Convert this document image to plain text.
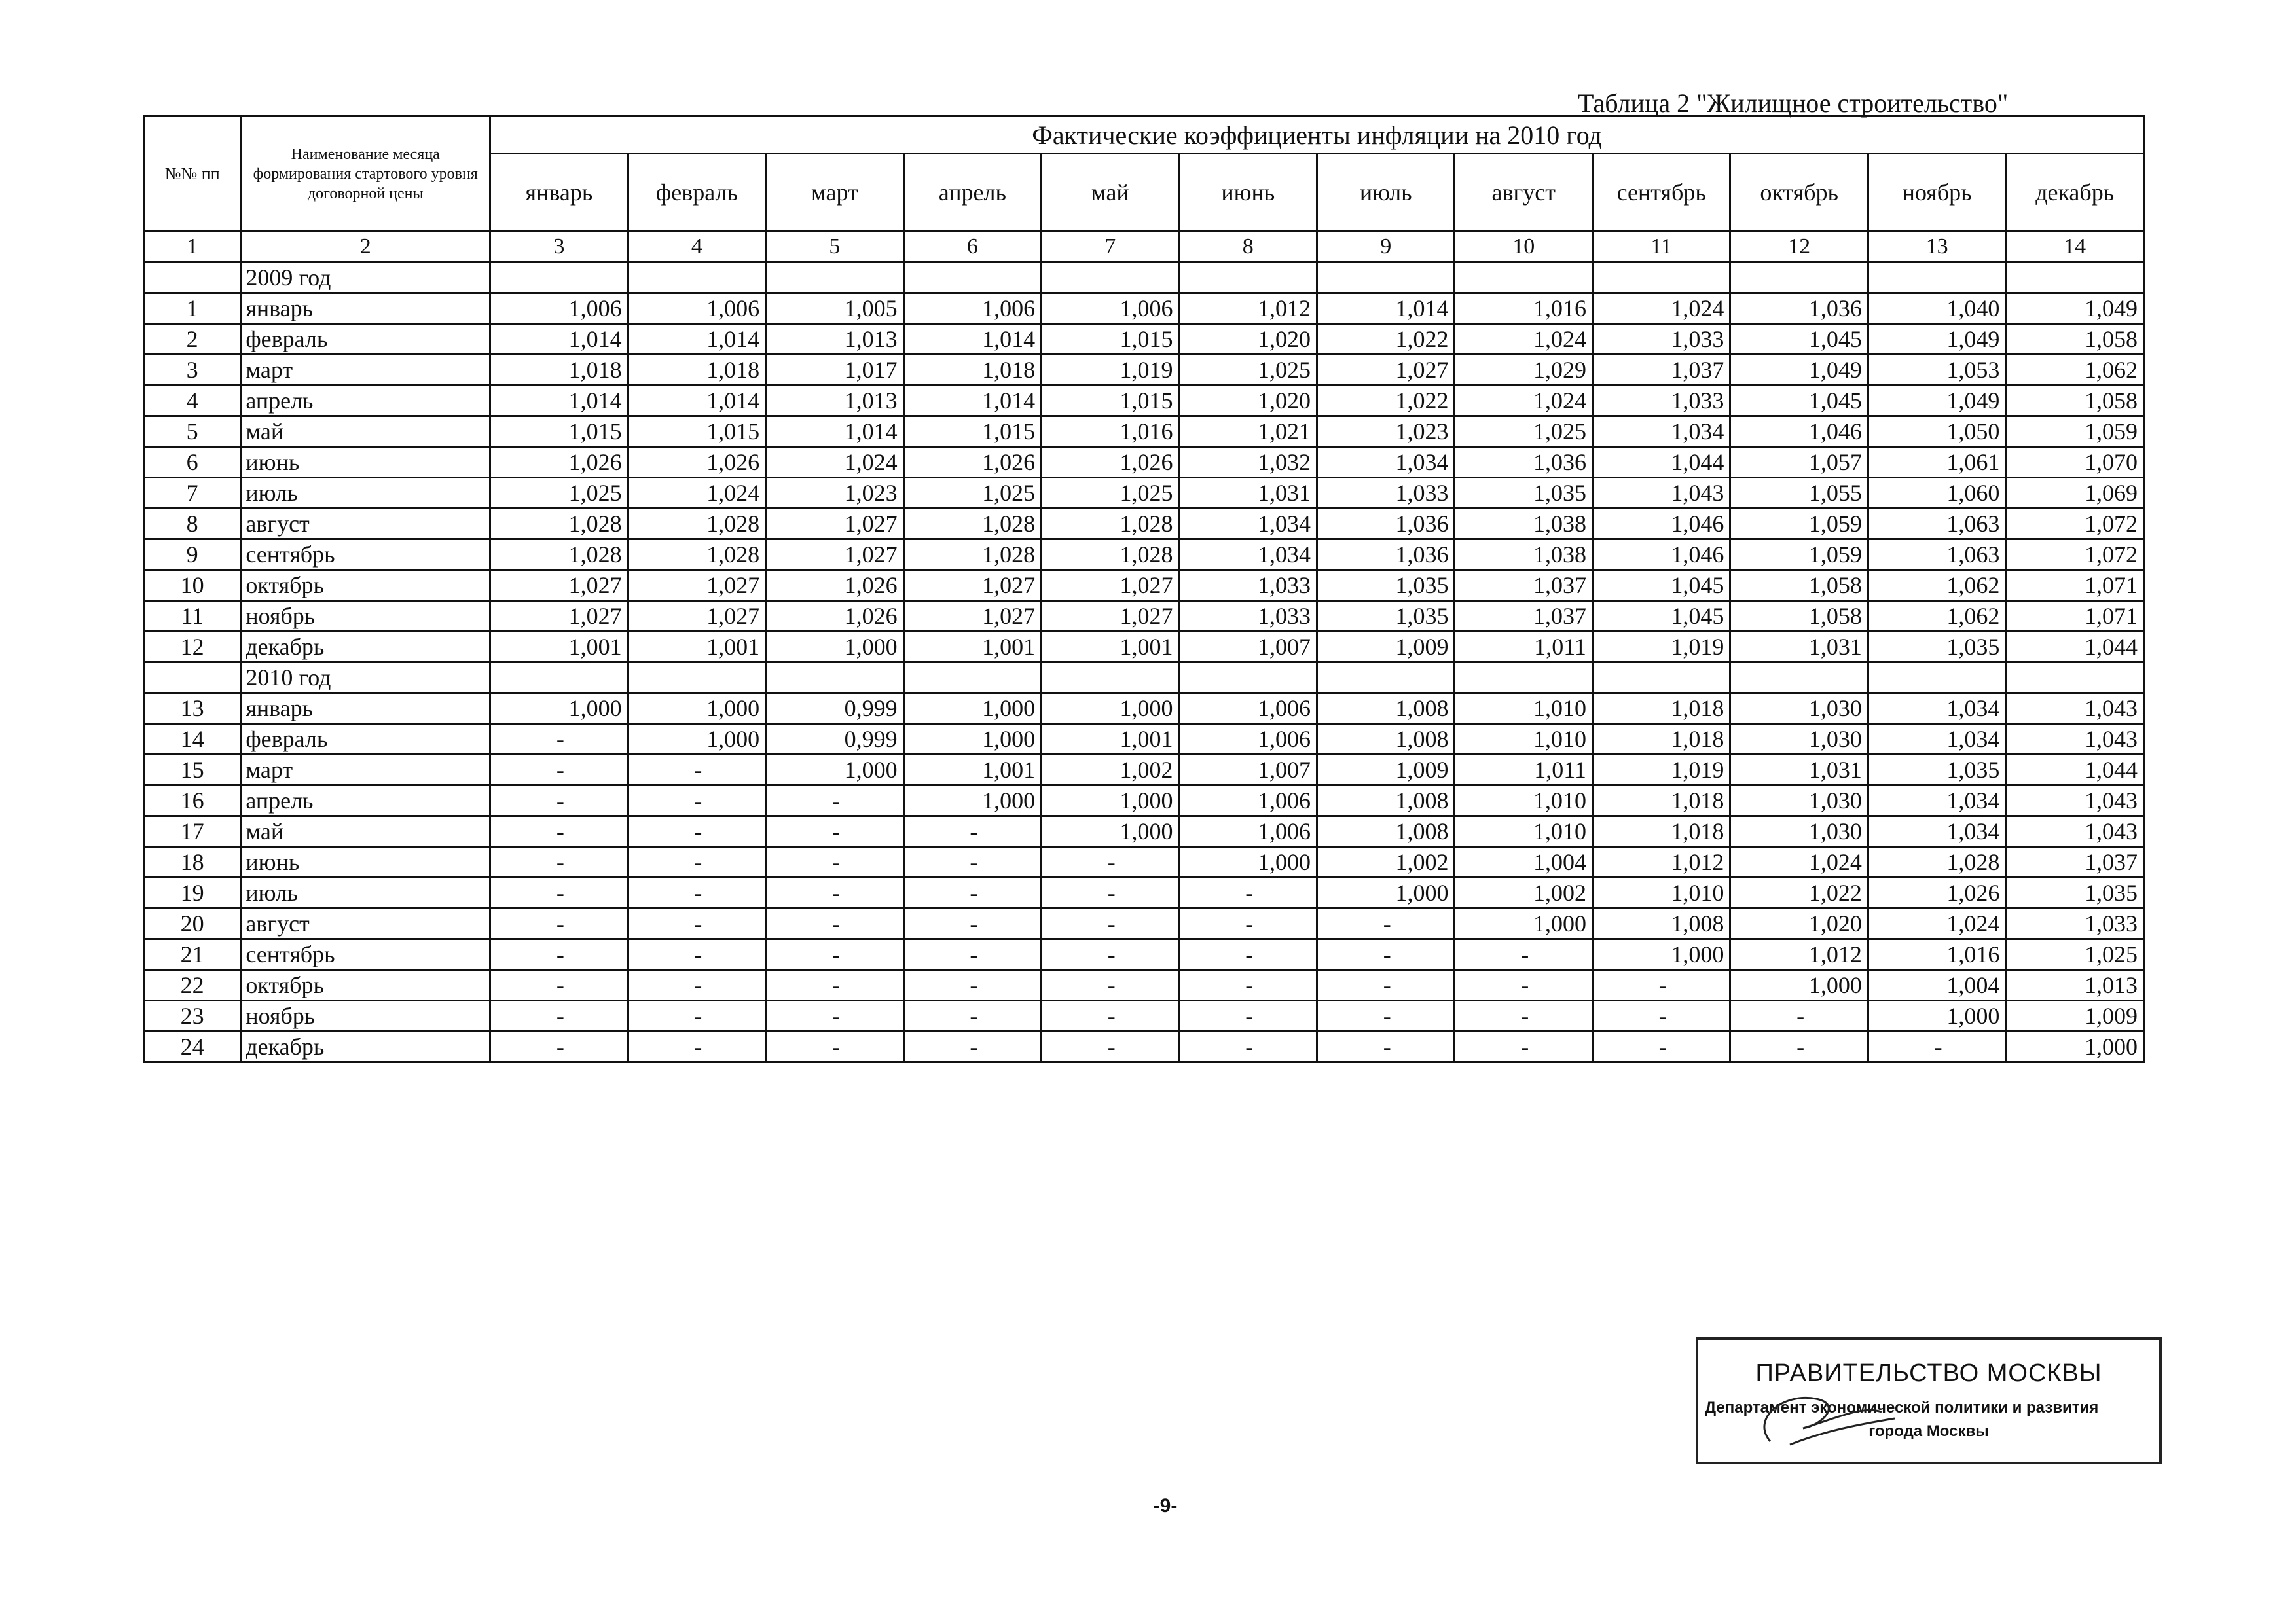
Таблица 2 "Жилищное строительство"
№№ пп	Наименование месяца формирования стартового уровня договорной цены	Фактические коэффициенты инфляции на 2010 год											
		январь	февраль	март	апрель	май	июнь	июль	август	сентябрь	октябрь	ноябрь	декабрь
1	2	3	4	5	6	7	8	9	10	11	12	13	14
	2009 год												
1	январь	1,006	1,006	1,005	1,006	1,006	1,012	1,014	1,016	1,024	1,036	1,040	1,049
2	февраль	1,014	1,014	1,013	1,014	1,015	1,020	1,022	1,024	1,033	1,045	1,049	1,058
3	март	1,018	1,018	1,017	1,018	1,019	1,025	1,027	1,029	1,037	1,049	1,053	1,062
4	апрель	1,014	1,014	1,013	1,014	1,015	1,020	1,022	1,024	1,033	1,045	1,049	1,058
5	май	1,015	1,015	1,014	1,015	1,016	1,021	1,023	1,025	1,034	1,046	1,050	1,059
6	июнь	1,026	1,026	1,024	1,026	1,026	1,032	1,034	1,036	1,044	1,057	1,061	1,070
7	июль	1,025	1,024	1,023	1,025	1,025	1,031	1,033	1,035	1,043	1,055	1,060	1,069
8	август	1,028	1,028	1,027	1,028	1,028	1,034	1,036	1,038	1,046	1,059	1,063	1,072
9	сентябрь	1,028	1,028	1,027	1,028	1,028	1,034	1,036	1,038	1,046	1,059	1,063	1,072
10	октябрь	1,027	1,027	1,026	1,027	1,027	1,033	1,035	1,037	1,045	1,058	1,062	1,071
11	ноябрь	1,027	1,027	1,026	1,027	1,027	1,033	1,035	1,037	1,045	1,058	1,062	1,071
12	декабрь	1,001	1,001	1,000	1,001	1,001	1,007	1,009	1,011	1,019	1,031	1,035	1,044
	2010 год												
13	январь	1,000	1,000	0,999	1,000	1,000	1,006	1,008	1,010	1,018	1,030	1,034	1,043
14	февраль	-	1,000	0,999	1,000	1,001	1,006	1,008	1,010	1,018	1,030	1,034	1,043
15	март	-	-	1,000	1,001	1,002	1,007	1,009	1,011	1,019	1,031	1,035	1,044
16	апрель	-	-	-	1,000	1,000	1,006	1,008	1,010	1,018	1,030	1,034	1,043
17	май	-	-	-	-	1,000	1,006	1,008	1,010	1,018	1,030	1,034	1,043
18	июнь	-	-	-	-	-	1,000	1,002	1,004	1,012	1,024	1,028	1,037
19	июль	-	-	-	-	-	-	1,000	1,002	1,010	1,022	1,026	1,035
20	август	-	-	-	-	-	-	-	1,000	1,008	1,020	1,024	1,033
21	сентябрь	-	-	-	-	-	-	-	-	1,000	1,012	1,016	1,025
22	октябрь	-	-	-	-	-	-	-	-	-	1,000	1,004	1,013
23	ноябрь	-	-	-	-	-	-	-	-	-	-	1,000	1,009
24	декабрь	-	-	-	-	-	-	-	-	-	-	-	1,000
ПРАВИТЕЛЬСТВО МОСКВЫ
Департамент экономической политики и развития
города Москвы
-9-
